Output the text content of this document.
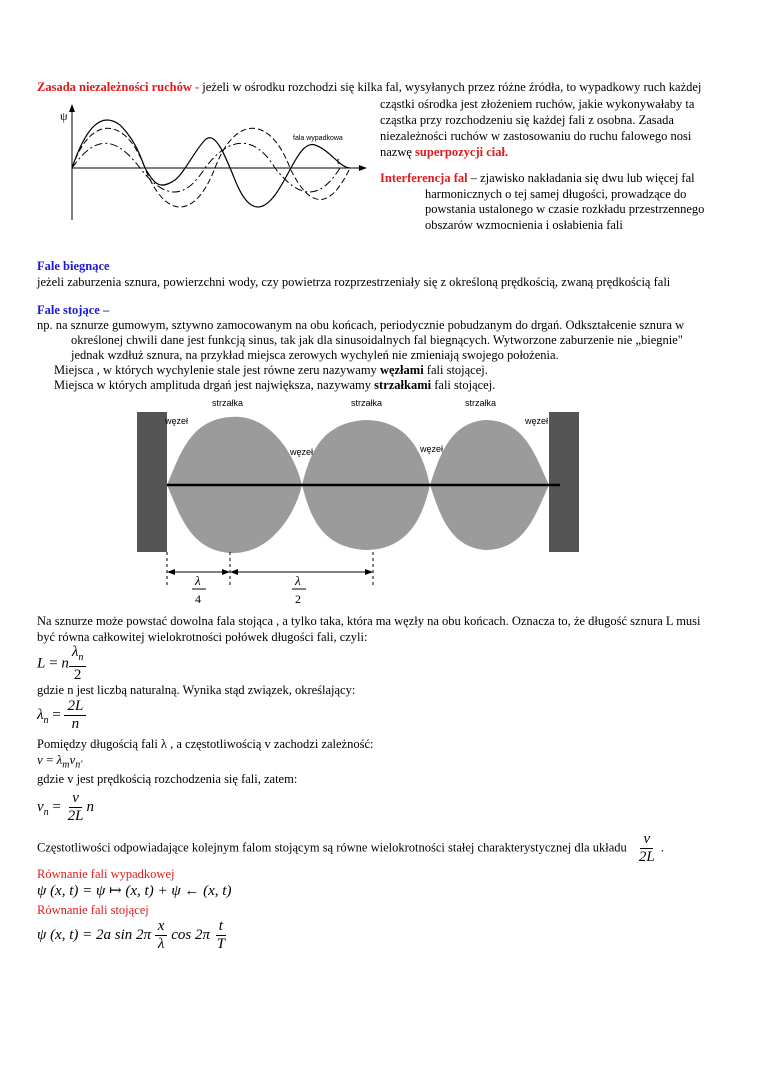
Zasada niezależności ruchów - jeżeli w ośrodku rozchodzi się kilka fal, wysyłanych przez różne źródła, to wypadkowy ruch każdej
cząstki ośrodka jest złożeniem ruchów, jakie wykonywałaby ta
cząstka przy rozchodzeniu się każdej fali z osobna. Zasada
niezależności ruchów w zastosowaniu do ruchu falowego nosi
nazwę superpozycji ciał.
ψ
t
fala wypadkowa
Interferencja fal – zjawisko nakładania się dwu lub więcej fal
harmonicznych o tej samej długości, prowadzące do
powstania ustalonego w czasie rozkładu przestrzennego
obszarów wzmocnienia i osłabienia fali
Fale biegnące
jeżeli zaburzenia sznura, powierzchni wody, czy powietrza rozprzestrzeniały się z określoną prędkością, zwaną prędkością fali
Fale stojące –
np. na sznurze gumowym, sztywno zamocowanym na obu końcach, periodycznie pobudzanym do drgań. Odkształcenie sznura w
określonej chwili dane jest funkcją sinus, tak jak dla sinusoidalnych fal biegnących. Wytworzone zaburzenie nie „biegnie"
jednak wzdłuż sznura, na przykład miejsca zerowych wychyleń nie zmieniają swojego położenia.
Miejsca , w których wychylenie stale jest równe zeru nazywamy węzłami fali stojącej.
Miejsca w których amplituda drgań jest największa, nazywamy strzałkami fali stojącej.
strzałka	strzałka	strzałka
węzeł
węzeł	węzeł
węzeł
λ
4
λ
2
Na sznurze może powstać dowolna fala stojąca , a tylko taka, która ma węzły na obu końcach. Oznacza to, że długość sznura L musi
być równa całkowitej wielokrotności połówek długości fali, czyli:
L = n $\frac{\lambda_n}{2}$
gdzie n jest liczbą naturalną. Wynika stąd związek, określający:
$\lambda_n = \frac{2L}{n}$
Pomiędzy długością fali λ , a częstotliwością v zachodzi zależność:
$v = \lambda_mv_{n'}$
gdzie v jest prędkością rozchodzenia się fali, zatem:
$v_n = \frac{v}{2L}$ n
Częstotliwości odpowiadające kolejnym falom stojącym są równe wielokrotności stałej charakterystycznej dla układu $\frac{v}{2L}$ .
Równanie fali wypadkowej
ψ (x, t) = ψ ↦ (x, t) + ψ ← (x, t)
Równanie fali stojącej
ψ (x, t) = 2a $\sin 2\pi \frac{x}{\lambda}$ $\cos 2\pi \frac{t}{T}$
